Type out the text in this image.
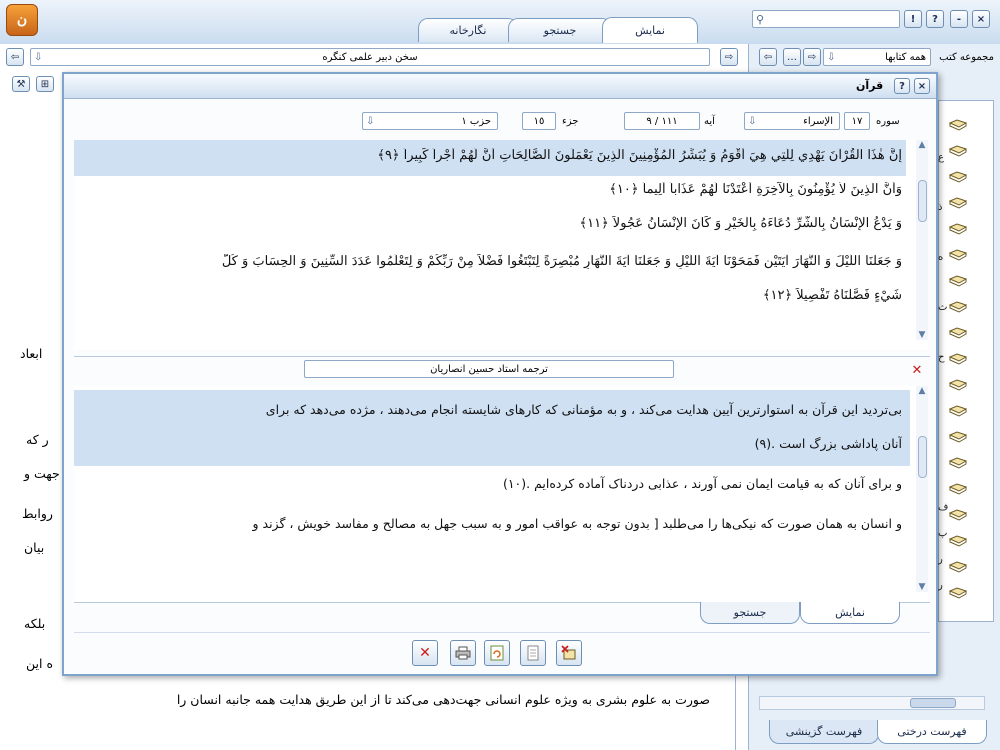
ن
نگارخانه	جستجو	نمایش
⚲	!	?	-	×
⇦	⇩	سخن دبیر علمی کنگره	⇨
⚒	⊞
ابعاد
ر که
جهت و
روابط
بیان
بلکه
ه این
صورت به علوم بشری به ویژه علوم انسانی جهت‌دهی می‌کند تا از این طریق هدایت همه جانبه انسان را
مجموعه کتب
همه کتابها
⇩
…	⇨
⇦
فهرست گزینشی	فهرست درختی
ع
ذ
ه
ث
ح
ف
پ
ر
ر
قرآن	?	×
سوره
١٧
الإسراء
⇩
آیه
١١١ / ٩
جزء
١٥
حزب ١
⇩
إِنَّ هٰذَا الْقُرْآنَ يَهْدِي لِلَّتِي هِيَ أَقْوَمُ وَ يُبَشِّرُ الْمُؤْمِنِينَ الَّذِينَ يَعْمَلُونَ الصَّالِحَاتِ أَنَّ لَهُمْ أَجْراً كَبِيراً ﴿٩﴾
وَأَنَّ الَّذِينَ لاٰ يُؤْمِنُونَ بِالْآخِرَةِ أَعْتَدْنَا لَهُمْ عَذَاباً أَلِيماً ﴿١٠﴾
وَ يَدْعُ الْإِنْسَانُ بِالشَّرِّ دُعَاءَهُ بِالْخَيْرِ وَ كَانَ الْإِنْسَانُ عَجُولاً ﴿١١﴾
وَ جَعَلْنَا اللَّيْلَ وَ النَّهَارَ آيَتَيْنِ فَمَحَوْنَا آيَةَ اللَّيْلِ وَ جَعَلْنَا آيَةَ النَّهَارِ مُبْصِرَةً لِتَبْتَغُوا فَضْلاً مِنْ رَبِّكُمْ وَ لِتَعْلَمُوا عَدَدَ السِّنِينَ وَ الْحِسَابَ وَ كُلَّ
شَيْءٍ فَصَّلْنَاهُ تَفْصِيلاً ﴿١٢﴾
▲
▼
ترجمه استاد حسین انصاریان	✕
بی‌تردید این قرآن به استوارترین آیین هدایت می‌کند ، و به مؤمنانی که کارهای شایسته انجام می‌دهند ، مژده می‌دهد که برای
آنان پاداشی بزرگ است .(٩)
و برای آنان که به قیامت ایمان نمی آورند ، عذابی دردناک آماده کرده‌ایم .(١٠)
و انسان به همان صورت که نیکی‌ها را می‌طلبد [ بدون توجه به عواقب امور و به سبب جهل به مصالح و مفاسد خویش ، گزند و
▲
▼
جستجو	نمایش
✕
